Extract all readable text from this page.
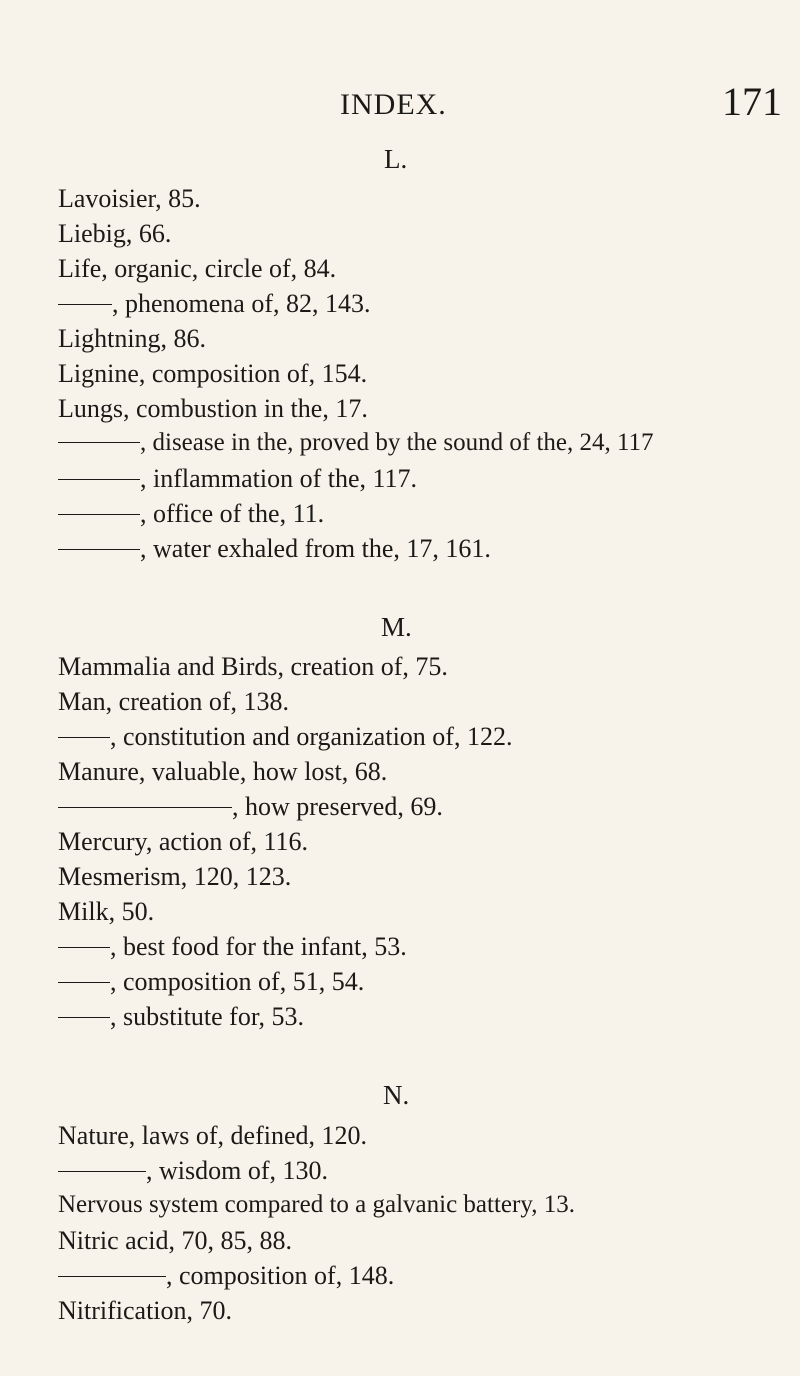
INDEX.	171
L.
Lavoisier, 85.
Liebig, 66.
Life, organic, circle of, 84.
, phenomena of, 82, 143.
Lightning, 86.
Lignine, composition of, 154.
Lungs, combustion in the, 17.
, disease in the, proved by the sound of the, 24, 117
, inflammation of the, 117.
, office of the, 11.
, water exhaled from the, 17, 161.
M.
Mammalia and Birds, creation of, 75.
Man, creation of, 138.
, constitution and organization of, 122.
Manure, valuable, how lost, 68.
, how preserved, 69.
Mercury, action of, 116.
Mesmerism, 120, 123.
Milk, 50.
, best food for the infant, 53.
, composition of, 51, 54.
, substitute for, 53.
N.
Nature, laws of, defined, 120.
, wisdom of, 130.
Nervous system compared to a galvanic battery, 13.
Nitric acid, 70, 85, 88.
, composition of, 148.
Nitrification, 70.
